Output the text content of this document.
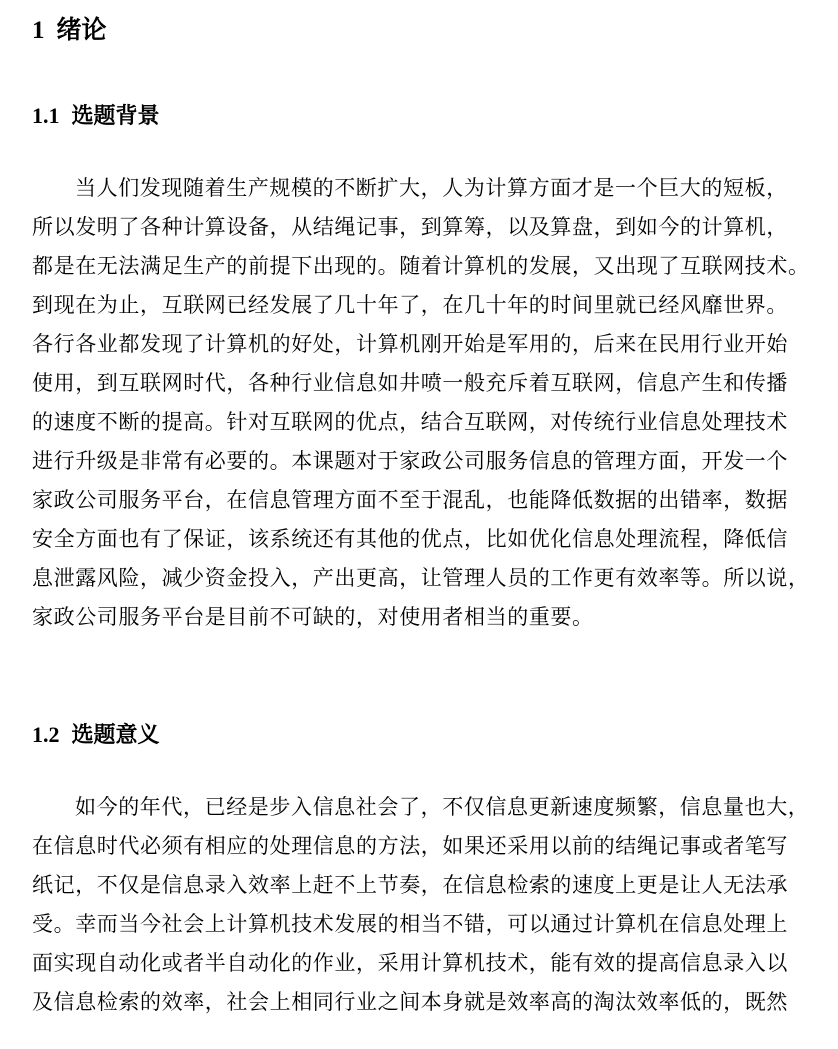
1 绪论
1.1 选题背景
当人们发现随着生产规模的不断扩大，人为计算方面才是一个巨大的短板，
所以发明了各种计算设备，从结绳记事，到算筹，以及算盘，到如今的计算机，
都是在无法满足生产的前提下出现的。随着计算机的发展，又出现了互联网技术。
到现在为止，互联网已经发展了几十年了，在几十年的时间里就已经风靡世界。
各行各业都发现了计算机的好处，计算机刚开始是军用的，后来在民用行业开始
使用，到互联网时代，各种行业信息如井喷一般充斥着互联网，信息产生和传播
的速度不断的提高。针对互联网的优点，结合互联网，对传统行业信息处理技术
进行升级是非常有必要的。本课题对于家政公司服务信息的管理方面，开发一个
家政公司服务平台，在信息管理方面不至于混乱，也能降低数据的出错率，数据
安全方面也有了保证，该系统还有其他的优点，比如优化信息处理流程，降低信
息泄露风险，减少资金投入，产出更高，让管理人员的工作更有效率等。所以说，
家政公司服务平台是目前不可缺的，对使用者相当的重要。
1.2 选题意义
如今的年代，已经是步入信息社会了，不仅信息更新速度频繁，信息量也大，
在信息时代必须有相应的处理信息的方法，如果还采用以前的结绳记事或者笔写
纸记，不仅是信息录入效率上赶不上节奏，在信息检索的速度上更是让人无法承
受。幸而当今社会上计算机技术发展的相当不错，可以通过计算机在信息处理上
面实现自动化或者半自动化的作业，采用计算机技术，能有效的提高信息录入以
及信息检索的效率，社会上相同行业之间本身就是效率高的淘汰效率低的，既然
